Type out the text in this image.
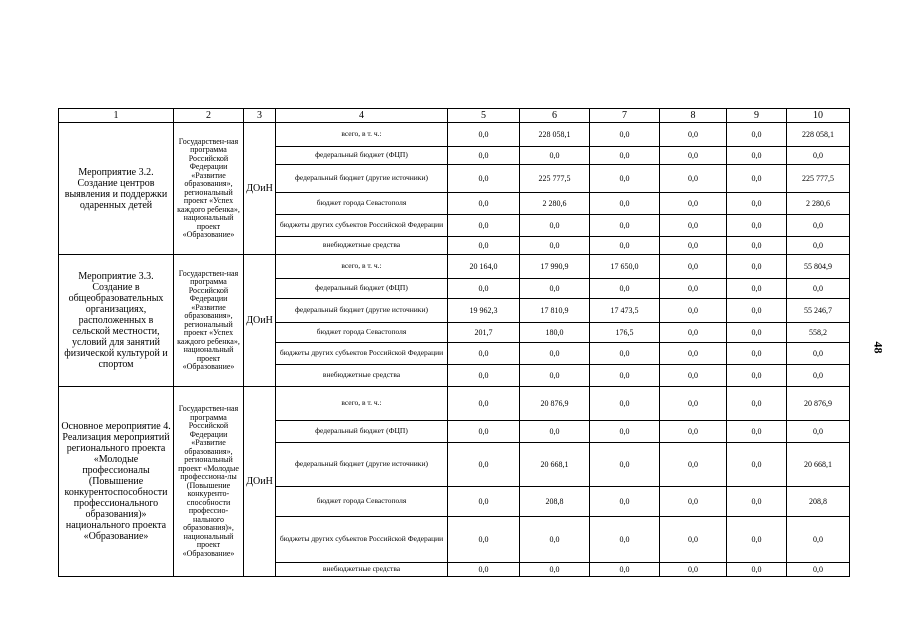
1	2	3	4	5	6	7	8	9	10
Мероприятие 3.2. Создание центров выявления и поддержки одаренных детей	Государствен-ная программа Российской Федерации «Развитие образования», региональный проект «Успех каждого ребенка», национальный проект «Образование»	ДОиН	всего, в т. ч.:	0,0	228 058,1	0,0	0,0	0,0	228 058,1
			федеральный бюджет (ФЦП)	0,0	0,0	0,0	0,0	0,0	0,0
			федеральный бюджет (другие источники)	0,0	225 777,5	0,0	0,0	0,0	225 777,5
			бюджет города Севастополя	0,0	2 280,6	0,0	0,0	0,0	2 280,6
			бюджеты других субъектов Российской Федерации	0,0	0,0	0,0	0,0	0,0	0,0
			внебюджетные средства	0,0	0,0	0,0	0,0	0,0	0,0
Мероприятие 3.3. Создание в общеобразовательных организациях, расположенных в сельской местности, условий для занятий физической культурой и спортом	Государствен-ная программа Российской Федерации «Развитие образования», региональный проект «Успех каждого ребенка», национальный проект «Образование»	ДОиН	всего, в т. ч.:	20 164,0	17 990,9	17 650,0	0,0	0,0	55 804,9
			федеральный бюджет (ФЦП)	0,0	0,0	0,0	0,0	0,0	0,0
			федеральный бюджет (другие источники)	19 962,3	17 810,9	17 473,5	0,0	0,0	55 246,7
			бюджет города Севастополя	201,7	180,0	176,5	0,0	0,0	558,2
			бюджеты других субъектов Российской Федерации	0,0	0,0	0,0	0,0	0,0	0,0
			внебюджетные средства	0,0	0,0	0,0	0,0	0,0	0,0
Основное мероприятие 4. Реализация мероприятий регионального проекта «Молодые профессионалы (Повышение конкурентоспособности профессионального образования)» национального проекта «Образование»	Государствен-ная программа Российской Федерации «Развитие образования», региональный проект «Молодые профессиона-лы (Повышение конкуренто-способности профессио-нального образования)», национальный проект «Образование»	ДОиН	всего, в т. ч.:	0,0	20 876,9	0,0	0,0	0,0	20 876,9
			федеральный бюджет (ФЦП)	0,0	0,0	0,0	0,0	0,0	0,0
			федеральный бюджет (другие источники)	0,0	20 668,1	0,0	0,0	0,0	20 668,1
			бюджет города Севастополя	0,0	208,8	0,0	0,0	0,0	208,8
			бюджеты других субъектов Российской Федерации	0,0	0,0	0,0	0,0	0,0	0,0
			внебюджетные средства	0,0	0,0	0,0	0,0	0,0	0,0
48
